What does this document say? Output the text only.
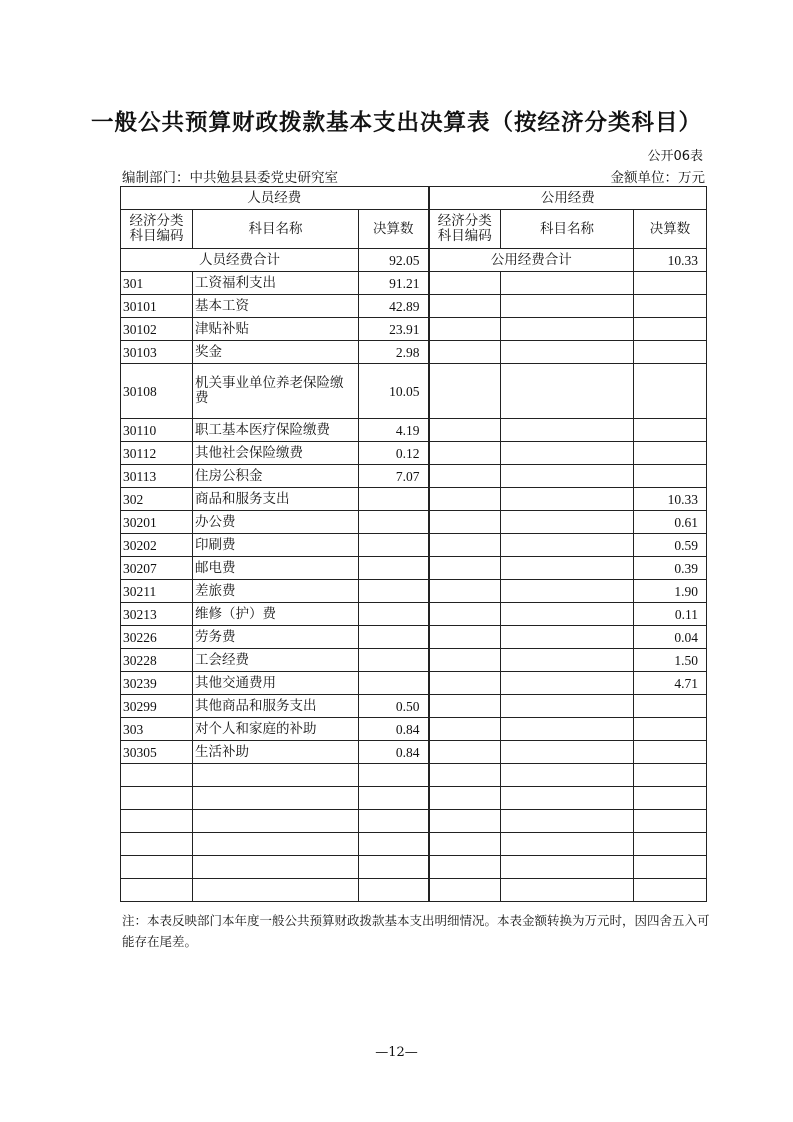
一般公共预算财政拨款基本支出决算表（按经济分类科目）
公开06表
编制部门：中共勉县县委党史研究室	金额单位：万元
人员经费			公用经费		
经济分类科目编码	科目名称	决算数	经济分类科目编码	科目名称	决算数
人员经费合计		92.05	公用经费合计		10.33
301	工资福利支出	91.21			
30101	基本工资	42.89			
30102	津贴补贴	23.91			
30103	奖金	2.98			
30108	机关事业单位养老保险缴费	10.05			
30110	职工基本医疗保险缴费	4.19			
30112	其他社会保险缴费	0.12			
30113	住房公积金	7.07			
302	商品和服务支出				10.33
30201	办公费				0.61
30202	印刷费				0.59
30207	邮电费				0.39
30211	差旅费				1.90
30213	维修（护）费				0.11
30226	劳务费				0.04
30228	工会经费				1.50
30239	其他交通费用				4.71
30299	其他商品和服务支出	0.50			
303	对个人和家庭的补助	0.84			
30305	生活补助	0.84			

注：本表反映部门本年度一般公共预算财政拨款基本支出明细情况。本表金额转换为万元时，因四舍五入可能存在尾差。
—12—
